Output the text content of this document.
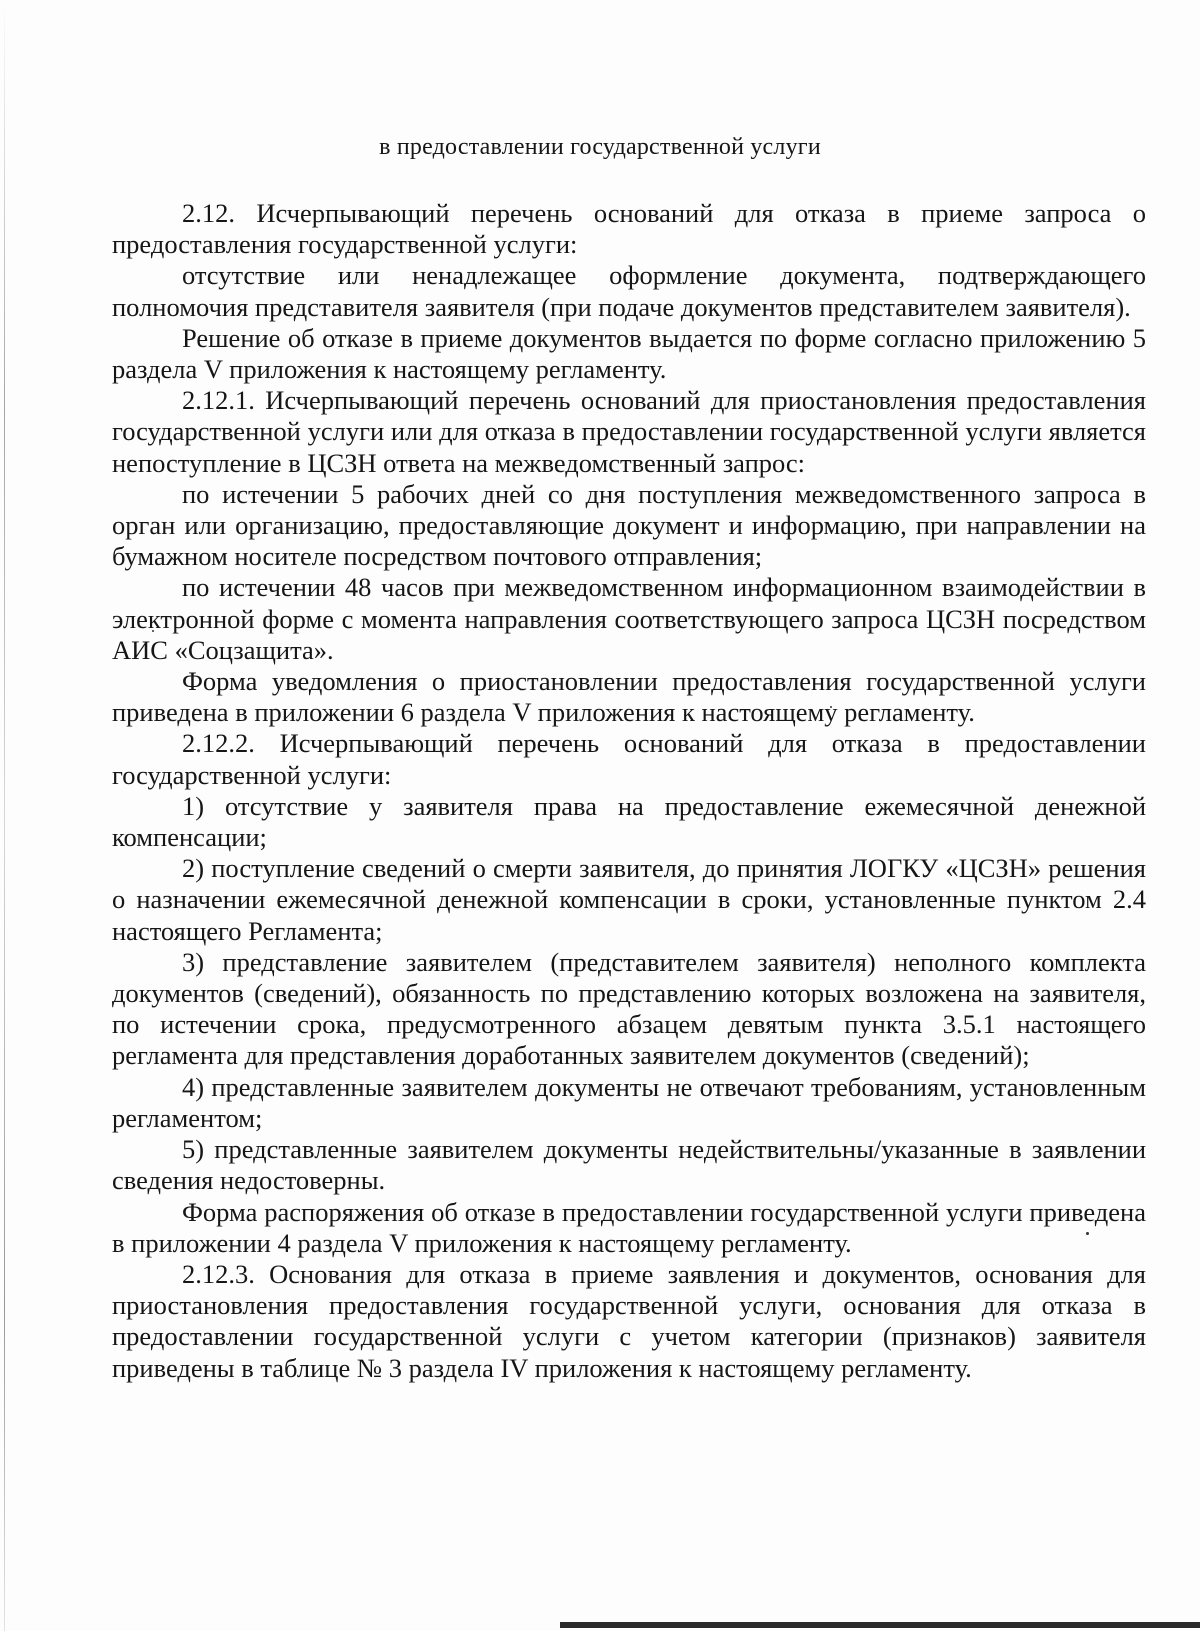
в предоставлении государственной услуги

2.12. Исчерпывающий перечень оснований для отказа в приеме запроса о предоставления государственной услуги:

отсутствие или ненадлежащее оформление документа, подтверждающего полномочия представителя заявителя (при подаче документов представителем заявителя).

Решение об отказе в приеме документов выдается по форме согласно приложению 5 раздела V приложения к настоящему регламенту.

2.12.1. Исчерпывающий перечень оснований для приостановления предоставления государственной услуги или для отказа в предоставлении государственной услуги является непоступление в ЦСЗН ответа на межведомственный запрос:

по истечении 5 рабочих дней со дня поступления межведомственного запроса в орган или организацию, предоставляющие документ и информацию, при направлении на бумажном носителе посредством почтового отправления;

по истечении 48 часов при межведомственном информационном взаимодействии в электронной форме с момента направления соответствующего запроса ЦСЗН посредством АИС «Соцзащита».

Форма уведомления о приостановлении предоставления государственной услуги приведена в приложении 6 раздела V приложения к настоящему регламенту.

2.12.2. Исчерпывающий перечень оснований для отказа в предоставлении государственной услуги:

1) отсутствие у заявителя права на предоставление ежемесячной денежной компенсации;

2) поступление сведений о смерти заявителя, до принятия ЛОГКУ «ЦСЗН» решения о назначении ежемесячной денежной компенсации в сроки, установленные пунктом 2.4 настоящего Регламента;

3) представление заявителем (представителем заявителя) неполного комплекта документов (сведений), обязанность по представлению которых возложена на заявителя, по истечении срока, предусмотренного абзацем девятым пункта 3.5.1 настоящего регламента для представления доработанных заявителем документов (сведений);

4) представленные заявителем документы не отвечают требованиям, установленным регламентом;

5) представленные заявителем документы недействительны/указанные в заявлении сведения недостоверны.

Форма распоряжения об отказе в предоставлении государственной услуги приведена в приложении 4 раздела V приложения к настоящему регламенту.

2.12.3. Основания для отказа в приеме заявления и документов, основания для приостановления предоставления государственной услуги, основания для отказа в предоставлении государственной услуги с учетом категории (признаков) заявителя приведены в таблице № 3 раздела IV приложения к настоящему регламенту.
